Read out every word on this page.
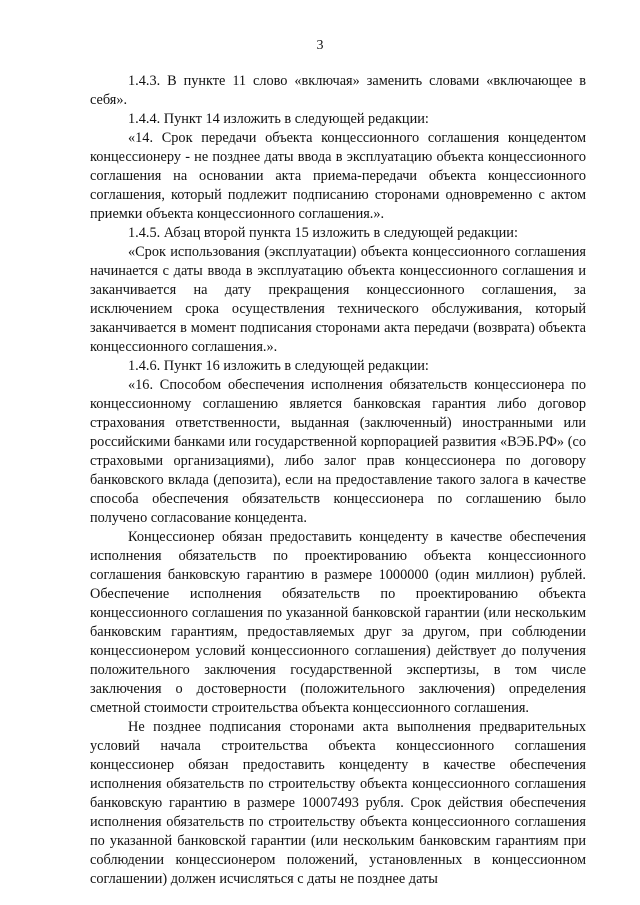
3

1.4.3. В пункте 11 слово «включая» заменить словами «включающее в себя».

1.4.4. Пункт 14 изложить в следующей редакции:

«14. Срок передачи объекта концессионного соглашения концедентом концессионеру - не позднее даты ввода в эксплуатацию объекта концессионного соглашения на основании акта приема-передачи объекта концессионного соглашения, который подлежит подписанию сторонами одновременно с актом приемки объекта концессионного соглашения.».

1.4.5. Абзац второй пункта 15 изложить в следующей редакции:

«Срок использования (эксплуатации) объекта концессионного соглашения начинается с даты ввода в эксплуатацию объекта концессионного соглашения и заканчивается на дату прекращения концессионного соглашения, за исключением срока осуществления технического обслуживания, который заканчивается в момент подписания сторонами акта передачи (возврата) объекта концессионного соглашения.».

1.4.6. Пункт 16 изложить в следующей редакции:

«16. Способом обеспечения исполнения обязательств концессионера по концессионному соглашению является банковская гарантия либо договор страхования ответственности, выданная (заключенный) иностранными или российскими банками или государственной корпорацией развития «ВЭБ.РФ» (со страховыми организациями), либо залог прав концессионера по договору банковского вклада (депозита), если на предоставление такого залога в качестве способа обеспечения обязательств концессионера по соглашению было получено согласование концедента.

Концессионер обязан предоставить концеденту в качестве обеспечения исполнения обязательств по проектированию объекта концессионного соглашения банковскую гарантию в размере 1000000 (один миллион) рублей. Обеспечение исполнения обязательств по проектированию объекта концессионного соглашения по указанной банковской гарантии (или нескольким банковским гарантиям, предоставляемых друг за другом, при соблюдении концессионером условий концессионного соглашения) действует до получения положительного заключения государственной экспертизы, в том числе заключения о достоверности (положительного заключения) определения сметной стоимости строительства объекта концессионного соглашения.

Не позднее подписания сторонами акта выполнения предварительных условий начала строительства объекта концессионного соглашения концессионер обязан предоставить концеденту в качестве обеспечения исполнения обязательств по строительству объекта концессионного соглашения банковскую гарантию в размере 10007493 рубля. Срок действия обеспечения исполнения обязательств по строительству объекта концессионного соглашения по указанной банковской гарантии (или нескольким банковским гарантиям при соблюдении концессионером положений, установленных в концессионном соглашении) должен исчисляться с даты не позднее даты
